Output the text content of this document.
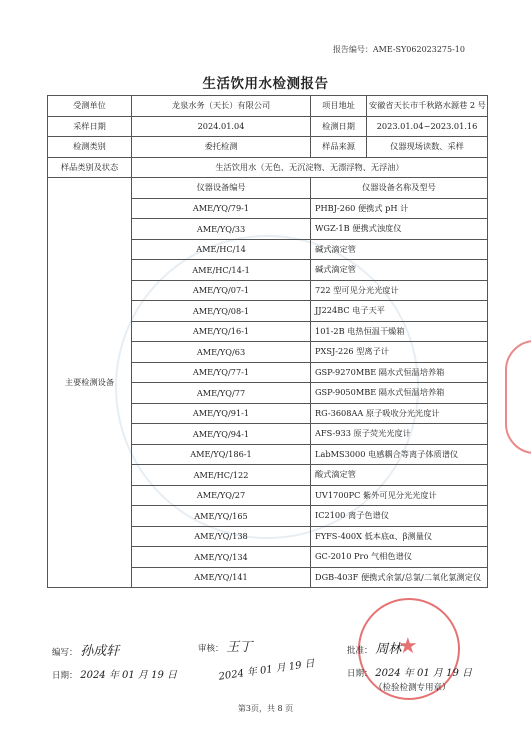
报告编号：AME-SY062023275-10
生活饮用水检测报告
受测单位	龙泉水务（天长）有限公司	项目地址	安徽省天长市千秋路水源巷 2 号
采样日期	2024.01.04	检测日期	2023.01.04~2023.01.16
检测类别	委托检测	样品来源	仪器现场读数、采样
样品类别及状态	生活饮用水（无色、无沉淀物、无漂浮物、无浮油）		
主要检测设备	仪器设备编号	仪器设备名称及型号	
	AME/YQ/79-1	PHBJ-260 便携式 pH 计	
	AME/YQ/33	WGZ-1B 便携式浊度仪	
	AME/HC/14	碱式滴定管	
	AME/HC/14-1	碱式滴定管	
	AME/YQ/07-1	722 型可见分光光度计	
	AME/YQ/08-1	JJ224BC 电子天平	
	AME/YQ/16-1	101-2B 电热恒温干燥箱	
	AME/YQ/63	PXSJ-226 型离子计	
	AME/YQ/77-1	GSP-9270MBE 隔水式恒温培养箱	
	AME/YQ/77	GSP-9050MBE 隔水式恒温培养箱	
	AME/YQ/91-1	RG-3608AA 原子吸收分光光度计	
	AME/YQ/94-1	AFS-933 原子荧光光度计	
	AME/YQ/186-1	LabMS3000 电感耦合等离子体质谱仪	
	AME/HC/122	酸式滴定管	
	AME/YQ/27	UV1700PC 紫外可见分光光度计	
	AME/YQ/165	IC2100 离子色谱仪	
	AME/YQ/138	FYFS-400X 低本底α、β测量仪	
	AME/YQ/134	GC-2010 Pro 气相色谱仪	
	AME/YQ/141	DGB-403F 便携式余氯/总氯/二氧化氯测定仪	
编写： 孙成轩
日期： 2024 年 01 月 19 日
审核： 王丁
2024 年 01 月 19 日
★
批准： 周林
日期： 2024 年 01 月 19 日
（检验检测专用章）
第3页，共 8 页
